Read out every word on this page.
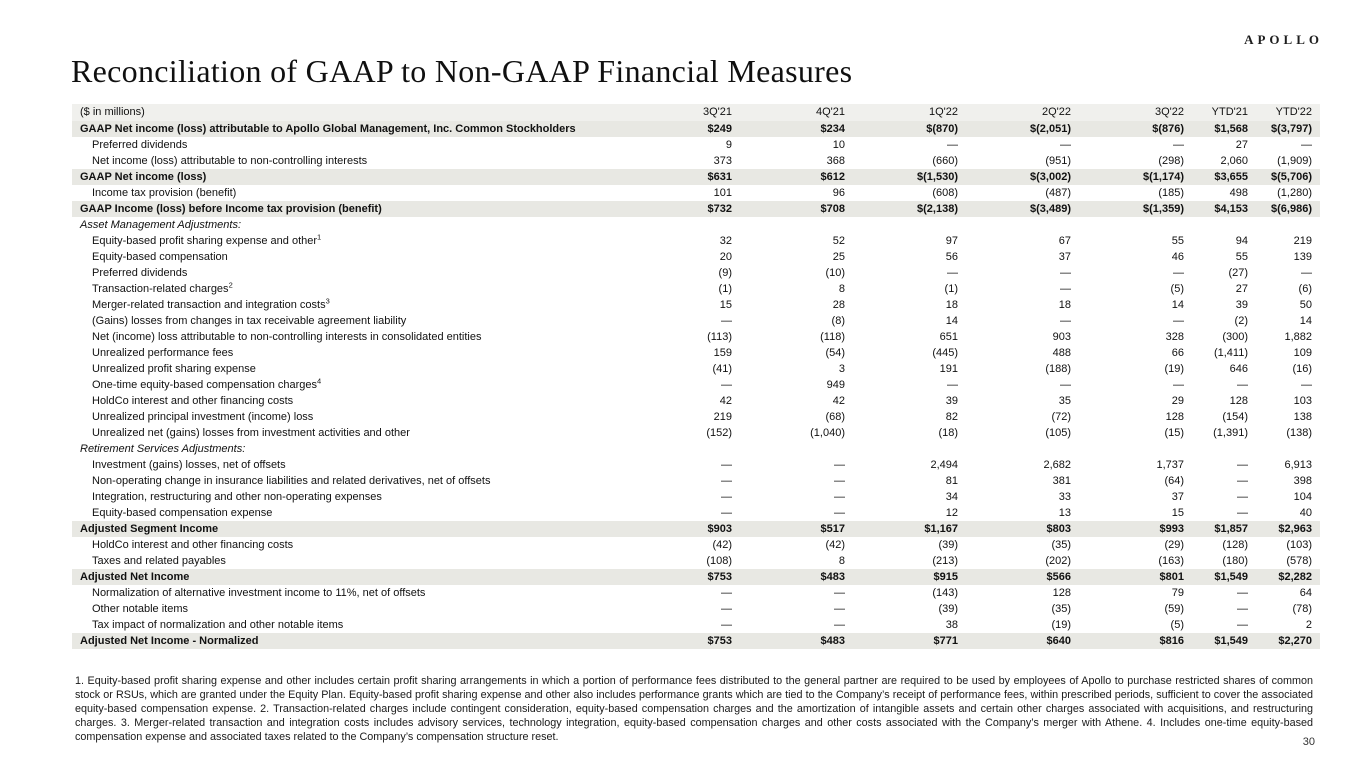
APOLLO
Reconciliation of GAAP to Non-GAAP Financial Measures
($ in millions)	3Q'21	4Q'21	1Q'22	2Q'22	3Q'22	YTD'21	YTD'22
GAAP Net income (loss) attributable to Apollo Global Management, Inc. Common Stockholders	$249	$234	$(870)	$(2,051)	$(876)	$1,568	$(3,797)
Preferred dividends	9	10	—	—	—	27	—
Net income (loss) attributable to non-controlling interests	373	368	(660)	(951)	(298)	2,060	(1,909)
GAAP Net income (loss)	$631	$612	$(1,530)	$(3,002)	$(1,174)	$3,655	$(5,706)
Income tax provision (benefit)	101	96	(608)	(487)	(185)	498	(1,280)
GAAP Income (loss) before Income tax provision (benefit)	$732	$708	$(2,138)	$(3,489)	$(1,359)	$4,153	$(6,986)
Asset Management Adjustments:							
Equity-based profit sharing expense and other$^1$	32	52	97	67	55	94	219
Equity-based compensation	20	25	56	37	46	55	139
Preferred dividends	(9)	(10)	—	—	—	(27)	—
Transaction-related charges$^2$	(1)	8	(1)	—	(5)	27	(6)
Merger-related transaction and integration costs$^3$	15	28	18	18	14	39	50
(Gains) losses from changes in tax receivable agreement liability	—	(8)	14	—	—	(2)	14
Net (income) loss attributable to non-controlling interests in consolidated entities	(113)	(118)	651	903	328	(300)	1,882
Unrealized performance fees	159	(54)	(445)	488	66	(1,411)	109
Unrealized profit sharing expense	(41)	3	191	(188)	(19)	646	(16)
One-time equity-based compensation charges$^4$	—	949	—	—	—	—	—
HoldCo interest and other financing costs	42	42	39	35	29	128	103
Unrealized principal investment (income) loss	219	(68)	82	(72)	128	(154)	138
Unrealized net (gains) losses from investment activities and other	(152)	(1,040)	(18)	(105)	(15)	(1,391)	(138)
Retirement Services Adjustments:							
Investment (gains) losses, net of offsets	—	—	2,494	2,682	1,737	—	6,913
Non-operating change in insurance liabilities and related derivatives, net of offsets	—	—	81	381	(64)	—	398
Integration, restructuring and other non-operating expenses	—	—	34	33	37	—	104
Equity-based compensation expense	—	—	12	13	15	—	40
Adjusted Segment Income	$903	$517	$1,167	$803	$993	$1,857	$2,963
HoldCo interest and other financing costs	(42)	(42)	(39)	(35)	(29)	(128)	(103)
Taxes and related payables	(108)	8	(213)	(202)	(163)	(180)	(578)
Adjusted Net Income	$753	$483	$915	$566	$801	$1,549	$2,282
Normalization of alternative investment income to 11%, net of offsets	—	—	(143)	128	79	—	64
Other notable items	—	—	(39)	(35)	(59)	—	(78)
Tax impact of normalization and other notable items	—	—	38	(19)	(5)	—	2
Adjusted Net Income - Normalized	$753	$483	$771	$640	$816	$1,549	$2,270

1. Equity-based profit sharing expense and other includes certain profit sharing arrangements in which a portion of performance fees distributed to the general partner are required to be used by employees of Apollo to purchase restricted shares of common stock or RSUs, which are granted under the Equity Plan. Equity-based profit sharing expense and other also includes performance grants which are tied to the Company’s receipt of performance fees, within prescribed periods, sufficient to cover the associated equity-based compensation expense. 2. Transaction-related charges include contingent consideration, equity-based compensation charges and the amortization of intangible assets and certain other charges associated with acquisitions, and restructuring charges. 3. Merger-related transaction and integration costs includes advisory services, technology integration, equity-based compensation charges and other costs associated with the Company’s merger with Athene. 4. Includes one-time equity-based compensation expense and associated taxes related to the Company’s compensation structure reset.	30
